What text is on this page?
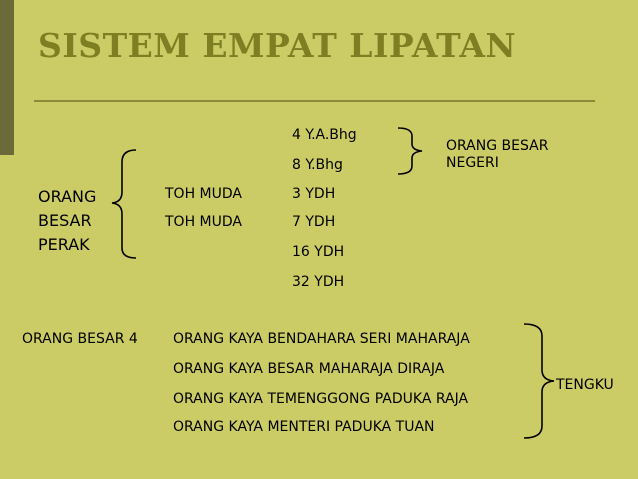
SISTEM EMPAT LIPATAN
ORANG
BESAR
PERAK
TOH MUDA
TOH MUDA
4 Y.A.Bhg
8 Y.Bhg
3 YDH
7 YDH
16 YDH
32 YDH
ORANG BESAR
NEGERI
ORANG BESAR 4	ORANG KAYA BENDAHARA SERI MAHARAJA
ORANG KAYA BESAR MAHARAJA DIRAJA
ORANG KAYA TEMENGGONG PADUKA RAJA
ORANG KAYA MENTERI PADUKA TUAN
TENGKU
